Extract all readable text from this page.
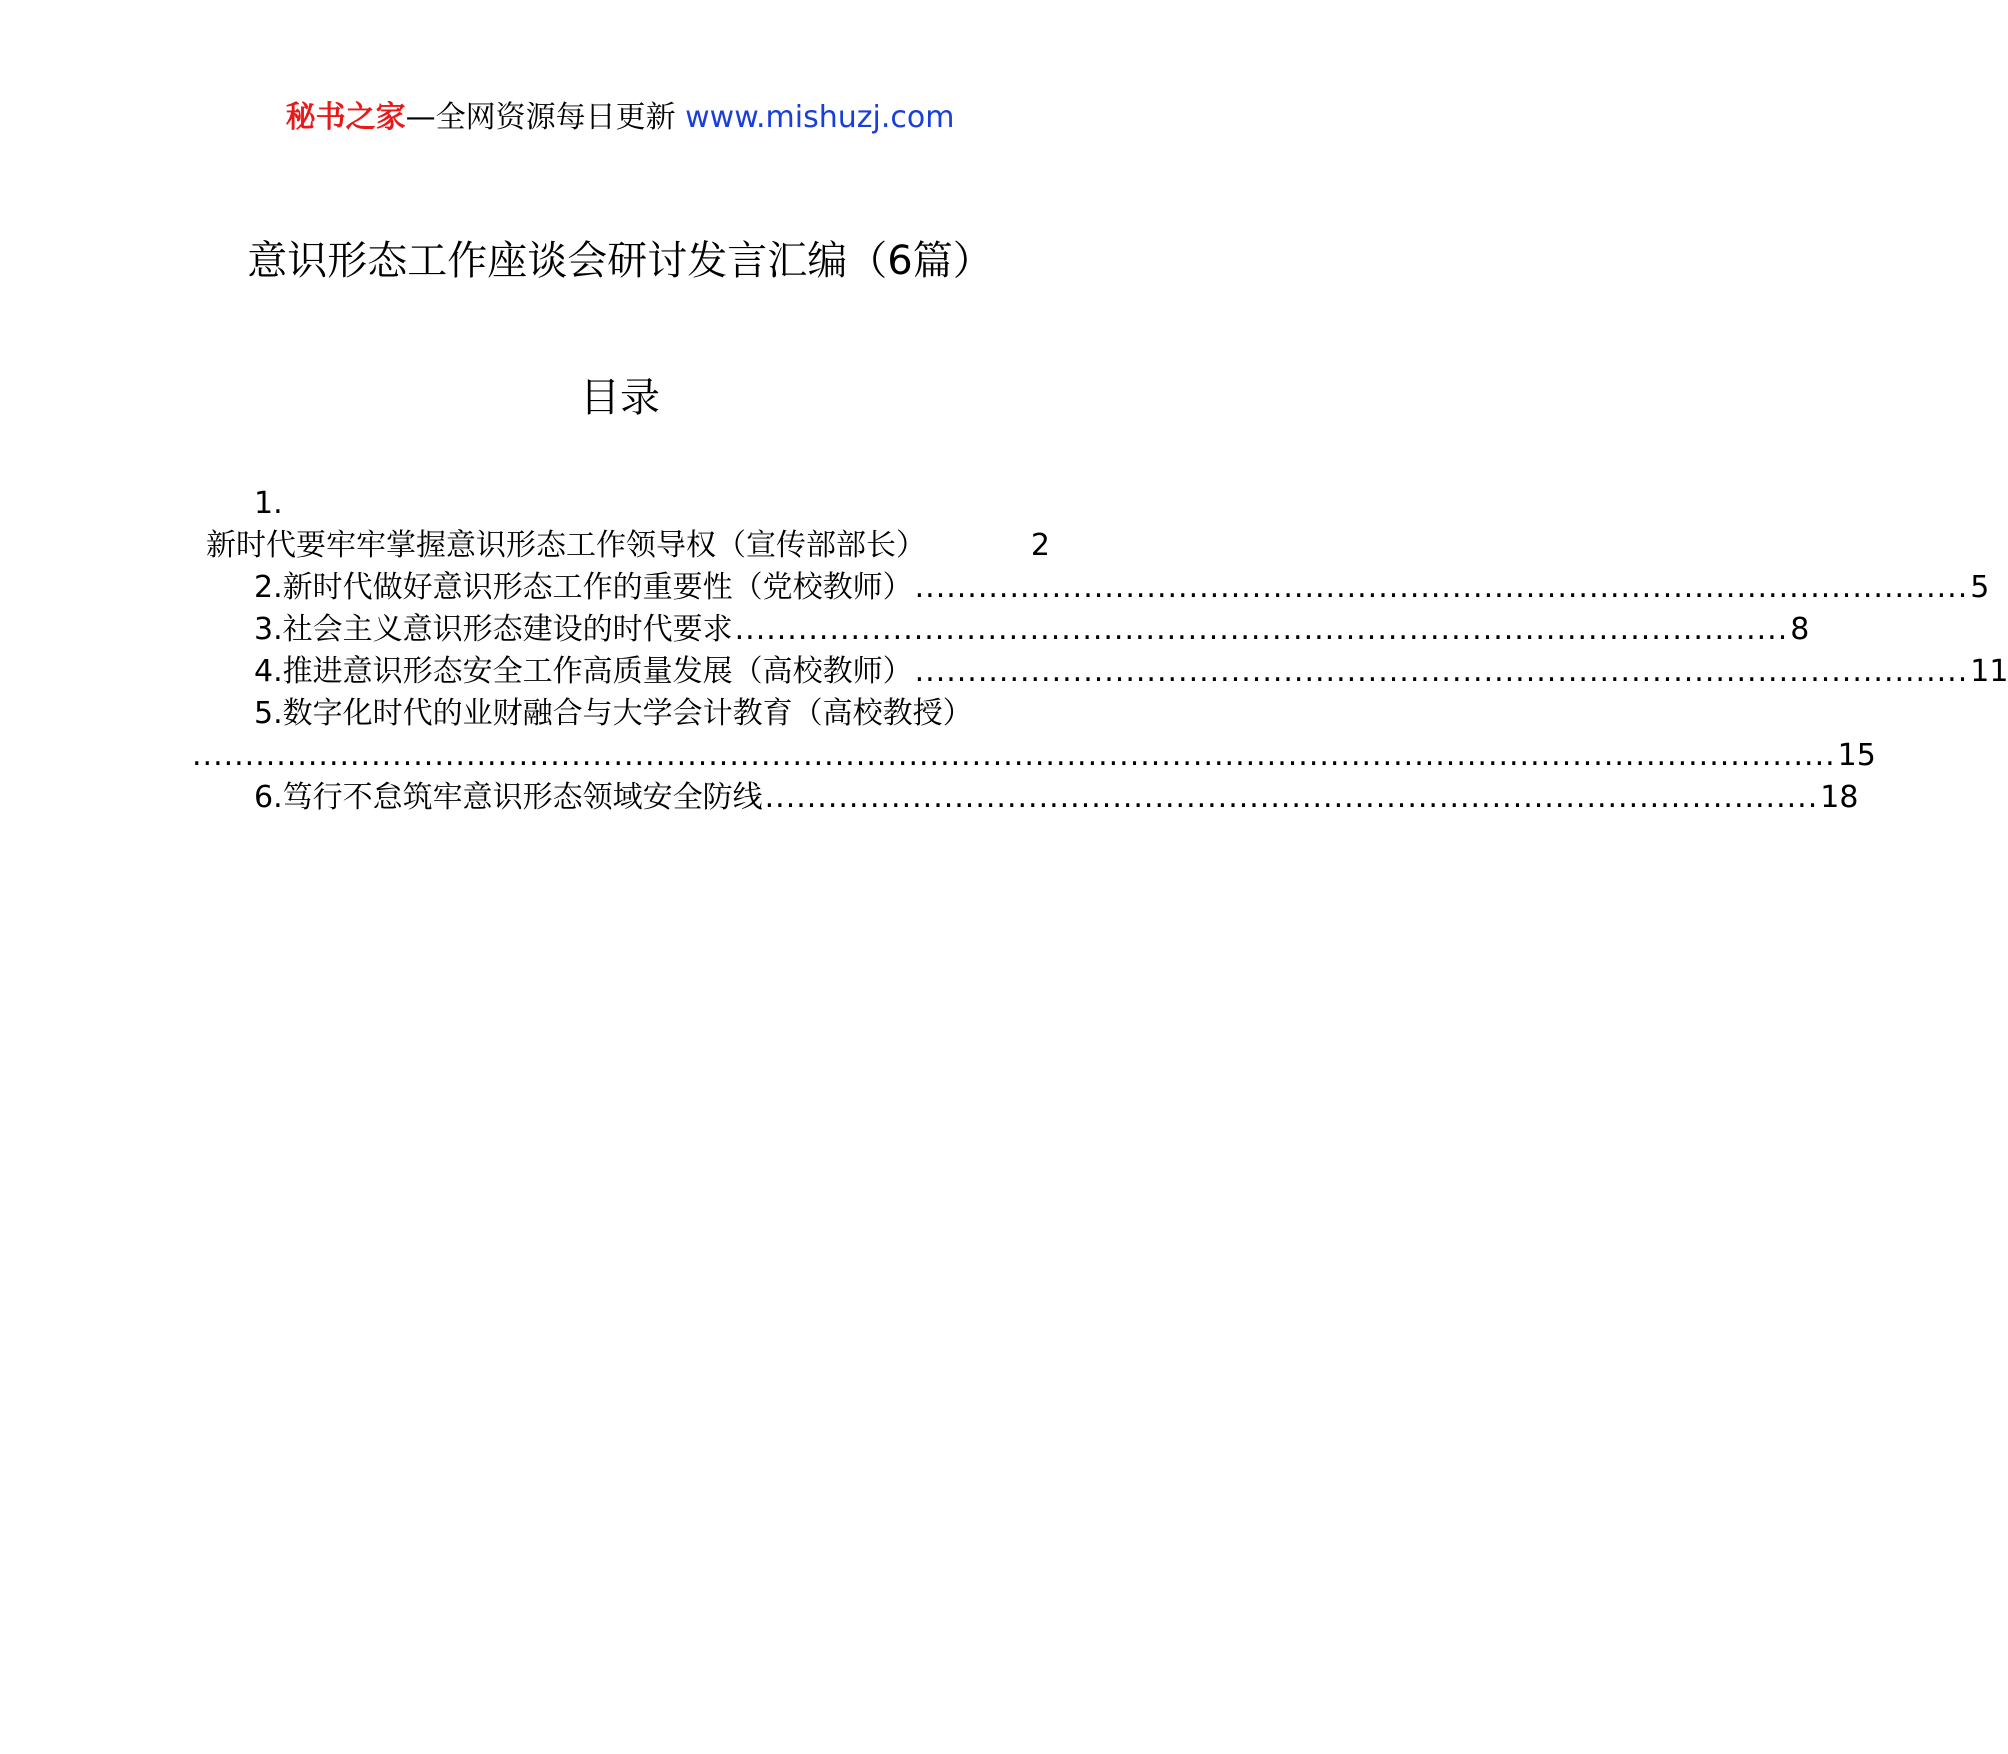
秘书之家—全网资源每日更新 www.mishuzj.com
意识形态工作座谈会研讨发言汇编（6篇）
目录
1.
新时代要牢牢掌握意识形态工作领导权（宣传部部长）	2
2.新时代做好意识形态工作的重要性（党校教师） .................................................................................................... 5
3.社会主义意识形态建设的时代要求 .................................................................................................... 8
4.推进意识形态安全工作高质量发展（高校教师） .................................................................................................... 11
5.数字化时代的业财融合与大学会计教育（高校教授）
............................................................................................................................................................ 15
6.笃行不怠筑牢意识形态领域安全防线 .................................................................................................... 18
